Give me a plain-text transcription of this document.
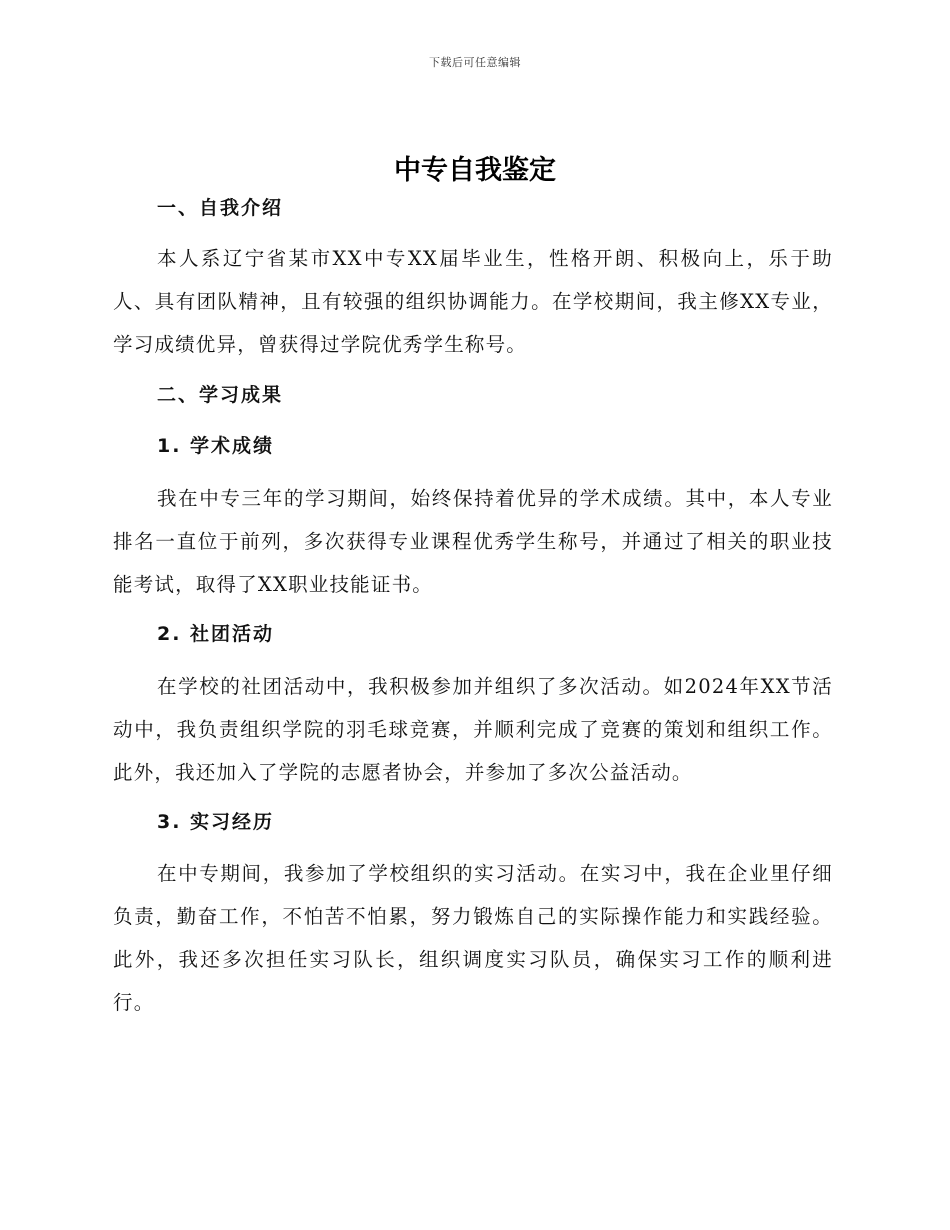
下载后可任意编辑
中专自我鉴定

一、自我介绍

本人系辽宁省某市XX中专XX届毕业生，性格开朗、积极向上，乐于助人、具有团队精神，且有较强的组织协调能力。在学校期间，我主修XX专业，学习成绩优异，曾获得过学院优秀学生称号。

二、学习成果

1. 学术成绩

我在中专三年的学习期间，始终保持着优异的学术成绩。其中，本人专业排名一直位于前列，多次获得专业课程优秀学生称号，并通过了相关的职业技能考试，取得了XX职业技能证书。

2. 社团活动

在学校的社团活动中，我积极参加并组织了多次活动。如2024年XX节活动中，我负责组织学院的羽毛球竞赛，并顺利完成了竞赛的策划和组织工作。此外，我还加入了学院的志愿者协会，并参加了多次公益活动。

3. 实习经历

在中专期间，我参加了学校组织的实习活动。在实习中，我在企业里仔细负责，勤奋工作，不怕苦不怕累，努力锻炼自己的实际操作能力和实践经验。此外，我还多次担任实习队长，组织调度实习队员，确保实习工作的顺利进行。
